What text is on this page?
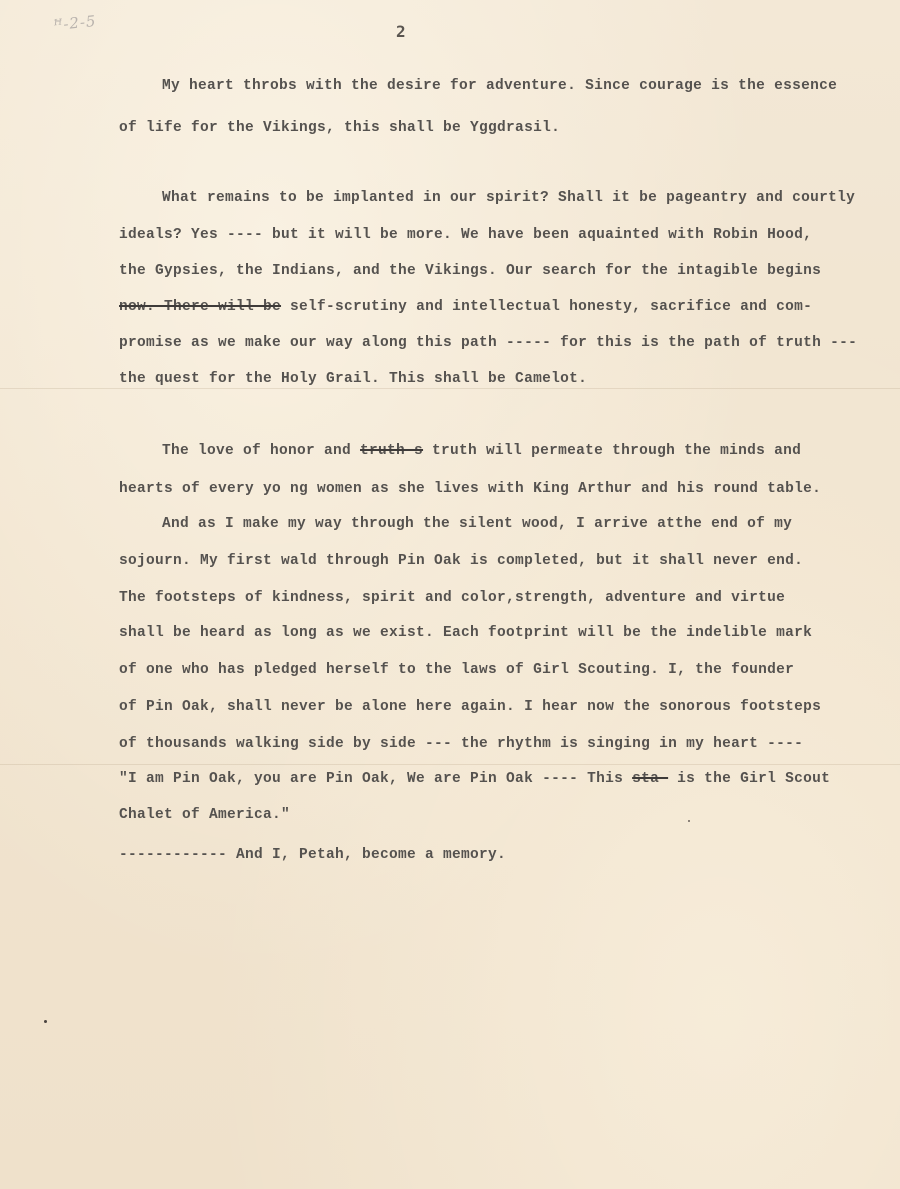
ꟸ-2-5	2

My heart throbs with the desire for adventure. Since courage is the essence

of life for the Vikings, this shall be Yggdrasil.

What remains to be implanted in our spirit? Shall it be pageantry and courtly

ideals? Yes ---- but it will be more. We have been aquainted with Robin Hood,

the Gypsies, the Indians, and the Vikings. Our search for the intagible begins

now. There will be self-scrutiny and intellectual honesty, sacrifice and com-

promise as we make our way along this path ----- for this is the path of truth ---

the quest for the Holy Grail. This shall be Camelot.

The love of honor and truth-s truth will permeate through the minds and

hearts of every yo ng women as she lives with King Arthur and his round table.

And as I make my way through the silent wood, I arrive atthe end of my

sojourn. My first wald through Pin Oak is completed, but it shall never end.

The footsteps of kindness, spirit and color,strength, adventure and virtue

shall be heard as long as we exist. Each footprint will be the indelible mark

of one who has pledged herself to the laws of Girl Scouting. I, the founder

of Pin Oak, shall never be alone here again. I hear now the sonorous footsteps

of thousands walking side by side --- the rhythm is singing in my heart ----

"I am Pin Oak, you are Pin Oak, We are Pin Oak ---- This sta- is the Girl Scout

Chalet of America."

------------ And I, Petah, become a memory.
